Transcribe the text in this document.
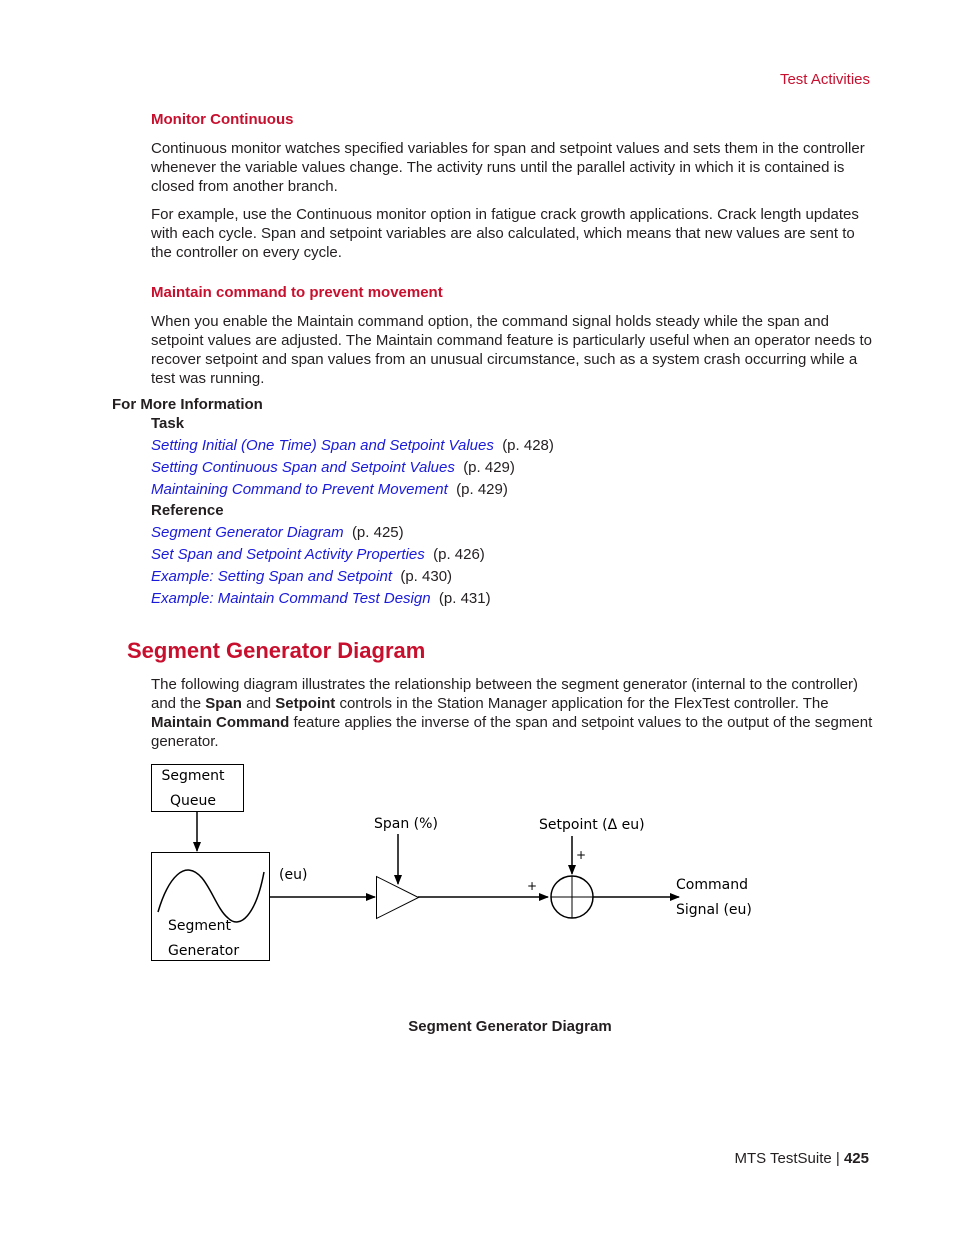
Test Activities
Monitor Continuous

Continuous monitor watches specified variables for span and setpoint values and sets them in the controller whenever the variable values change. The activity runs until the parallel activity in which it is contained is closed from another branch.

For example, use the Continuous monitor option in fatigue crack growth applications. Crack length updates with each cycle. Span and setpoint variables are also calculated, which means that new values are sent to the controller on every cycle.

Maintain command to prevent movement

When you enable the Maintain command option, the command signal holds steady while the span and setpoint values are adjusted. The Maintain command feature is particularly useful when an operator needs to recover setpoint and span values from an unusual circumstance, such as a system crash occurring while a test was running.

For More Information
Task
Setting Initial (One Time) Span and Setpoint Values (p. 428)
Setting Continuous Span and Setpoint Values (p. 429)
Maintaining Command to Prevent Movement (p. 429)
Reference
Segment Generator Diagram (p. 425)
Set Span and Setpoint Activity Properties (p. 426)
Example: Setting Span and Setpoint (p. 430)
Example: Maintain Command Test Design (p. 431)
Segment Generator Diagram

The following diagram illustrates the relationship between the segment generator (internal to the controller) and the Span and Setpoint controls in the Station Manager application for the FlexTest controller. The Maintain Command feature applies the inverse of the span and setpoint values to the output of the segment generator.

Segment
Queue
Segment
Generator
(eu)
Span (%)
+
Setpoint (Δ eu)
+
Command
Signal (eu)
Segment Generator Diagram
MTS TestSuite | 425
